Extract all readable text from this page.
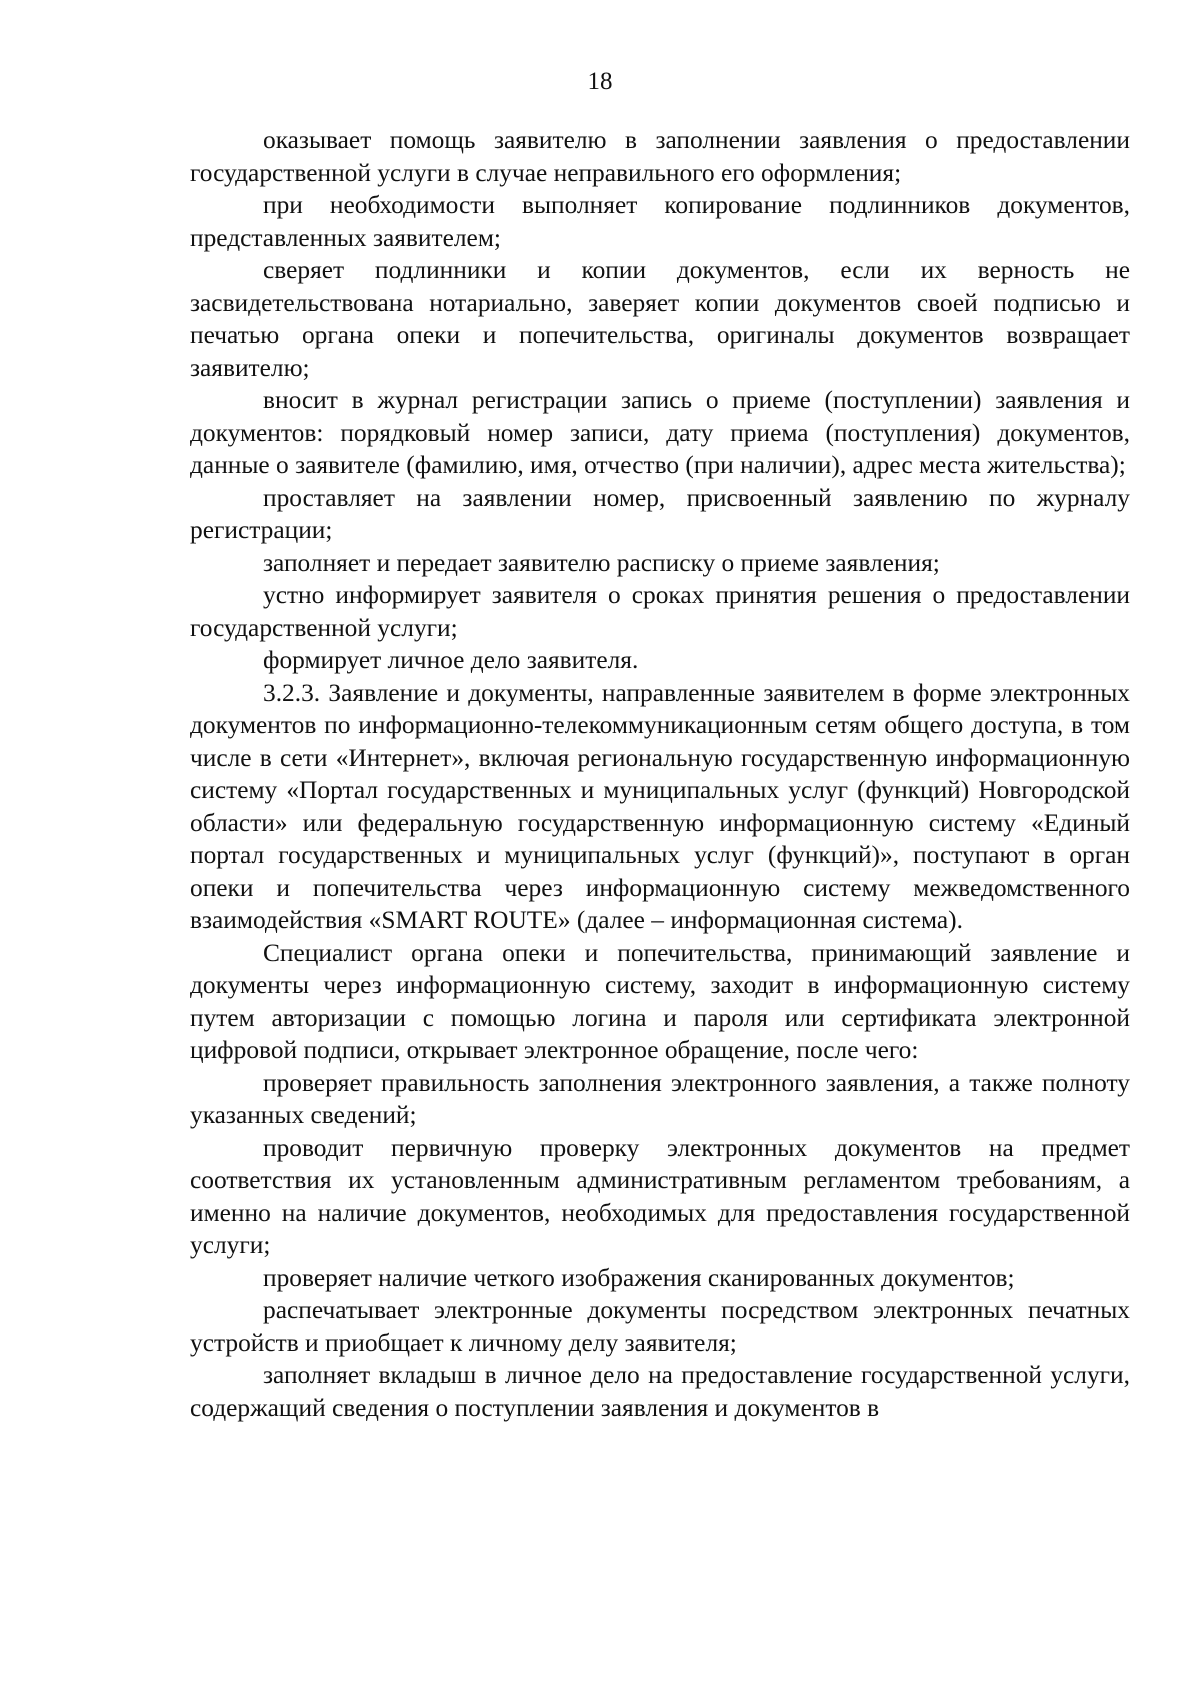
18

оказывает помощь заявителю в заполнении заявления о предоставлении государственной услуги в случае неправильного его оформления;

при необходимости выполняет копирование подлинников документов, представленных заявителем;

сверяет подлинники и копии документов, если их верность не засвидетельствована нотариально, заверяет копии документов своей подписью и печатью органа опеки и попечительства, оригиналы документов возвращает заявителю;

вносит в журнал регистрации запись о приеме (поступлении) заявления и документов: порядковый номер записи, дату приема (поступления) документов, данные о заявителе (фамилию, имя, отчество (при наличии), адрес места жительства);

проставляет на заявлении номер, присвоенный заявлению по журналу регистрации;

заполняет и передает заявителю расписку о приеме заявления;

устно информирует заявителя о сроках принятия решения о предоставлении государственной услуги;

формирует личное дело заявителя.

3.2.3. Заявление и документы, направленные заявителем в форме электронных документов по информационно-телекоммуникационным сетям общего доступа, в том числе в сети «Интернет», включая региональную государственную информационную систему «Портал государственных и муниципальных услуг (функций) Новгородской области» или федеральную государственную информационную систему «Единый портал государственных и муниципальных услуг (функций)», поступают в орган опеки и попечительства через информационную систему межведомственного взаимодействия «SMART ROUTE» (далее – информационная система).

Специалист органа опеки и попечительства, принимающий заявление и документы через информационную систему, заходит в информационную систему путем авторизации с помощью логина и пароля или сертификата электронной цифровой подписи, открывает электронное обращение, после чего:

проверяет правильность заполнения электронного заявления, а также полноту указанных сведений;

проводит первичную проверку электронных документов на предмет соответствия их установленным административным регламентом требованиям, а именно на наличие документов, необходимых для предоставления государственной услуги;

проверяет наличие четкого изображения сканированных документов;

распечатывает электронные документы посредством электронных печатных устройств и приобщает к личному делу заявителя;

заполняет вкладыш в личное дело на предоставление государственной услуги, содержащий сведения о поступлении заявления и документов в
